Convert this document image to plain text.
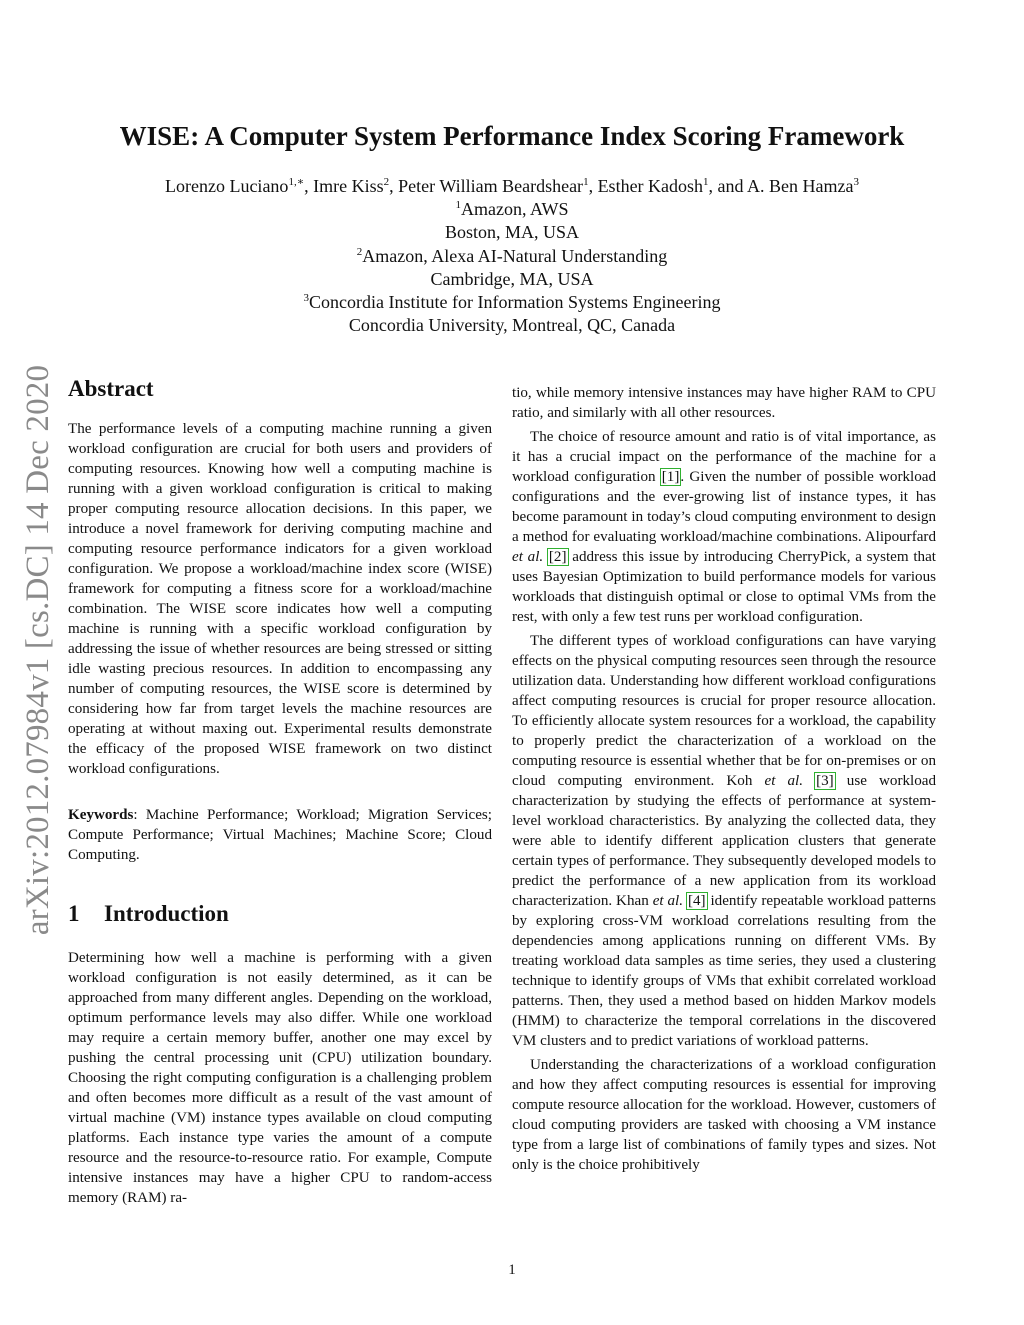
arXiv:2012.07984v1 [cs.DC] 14 Dec 2020
WISE: A Computer System Performance Index Scoring Framework
Lorenzo Luciano$^{1,∗}$, Imre Kiss$^2$, Peter William Beardshear$^1$, Esther Kadosh$^1$, and A. Ben Hamza$^3$
$^1$Amazon, AWS
Boston, MA, USA
$^2$Amazon, Alexa AI-Natural Understanding
Cambridge, MA, USA
$^3$Concordia Institute for Information Systems Engineering
Concordia University, Montreal, QC, Canada
Abstract

The performance levels of a computing machine running a given workload configuration are crucial for both users and providers of computing resources. Knowing how well a computing machine is running with a given workload configuration is critical to making proper computing resource allocation decisions. In this paper, we introduce a novel framework for deriving computing machine and computing resource performance indicators for a given workload configuration. We propose a workload/machine index score (WISE) framework for computing a fitness score for a workload/machine combination. The WISE score indicates how well a computing machine is running with a specific workload configuration by addressing the issue of whether resources are being stressed or sitting idle wasting precious resources. In addition to encompassing any number of computing resources, the WISE score is determined by considering how far from target levels the machine resources are operating at without maxing out. Experimental results demonstrate the efficacy of the proposed WISE framework on two distinct workload configurations.

Keywords: Machine Performance; Workload; Migration Services; Compute Performance; Virtual Machines; Machine Score; Cloud Computing.

1 Introduction

Determining how well a machine is performing with a given workload configuration is not easily determined, as it can be approached from many different angles. Depending on the workload, optimum performance levels may also differ. While one workload may require a certain memory buffer, another one may excel by pushing the central processing unit (CPU) utilization boundary. Choosing the right computing configuration is a challenging problem and often becomes more difficult as a result of the vast amount of virtual machine (VM) instance types available on cloud computing platforms. Each instance type varies the amount of a compute resource and the resource-to-resource ratio. For example, Compute intensive instances may have a higher CPU to random-access memory (RAM) ra-

tio, while memory intensive instances may have higher RAM to CPU ratio, and similarly with all other resources.

The choice of resource amount and ratio is of vital importance, as it has a crucial impact on the performance of the machine for a workload configuration [1]. Given the number of possible workload configurations and the ever-growing list of instance types, it has become paramount in today’s cloud computing environment to design a method for evaluating workload/machine combinations. Alipourfard et al. [2] address this issue by introducing CherryPick, a system that uses Bayesian Optimization to build performance models for various workloads that distinguish optimal or close to optimal VMs from the rest, with only a few test runs per workload configuration.

The different types of workload configurations can have varying effects on the physical computing resources seen through the resource utilization data. Understanding how different workload configurations affect computing resources is crucial for proper resource allocation. To efficiently allocate system resources for a workload, the capability to properly predict the characterization of a workload on the computing resource is essential whether that be for on-premises or on cloud computing environment. Koh et al. [3] use workload characterization by studying the effects of performance at system-level workload characteristics. By analyzing the collected data, they were able to identify different application clusters that generate certain types of performance. They subsequently developed models to predict the performance of a new application from its workload characterization. Khan et al. [4] identify repeatable workload patterns by exploring cross-VM workload correlations resulting from the dependencies among applications running on different VMs. By treating workload data samples as time series, they used a clustering technique to identify groups of VMs that exhibit correlated workload patterns. Then, they used a method based on hidden Markov models (HMM) to characterize the temporal correlations in the discovered VM clusters and to predict variations of workload patterns.

Understanding the characterizations of a workload configuration and how they affect computing resources is essential for improving compute resource allocation for the workload. However, customers of cloud computing providers are tasked with choosing a VM instance type from a large list of combinations of family types and sizes. Not only is the choice prohibitively

1
